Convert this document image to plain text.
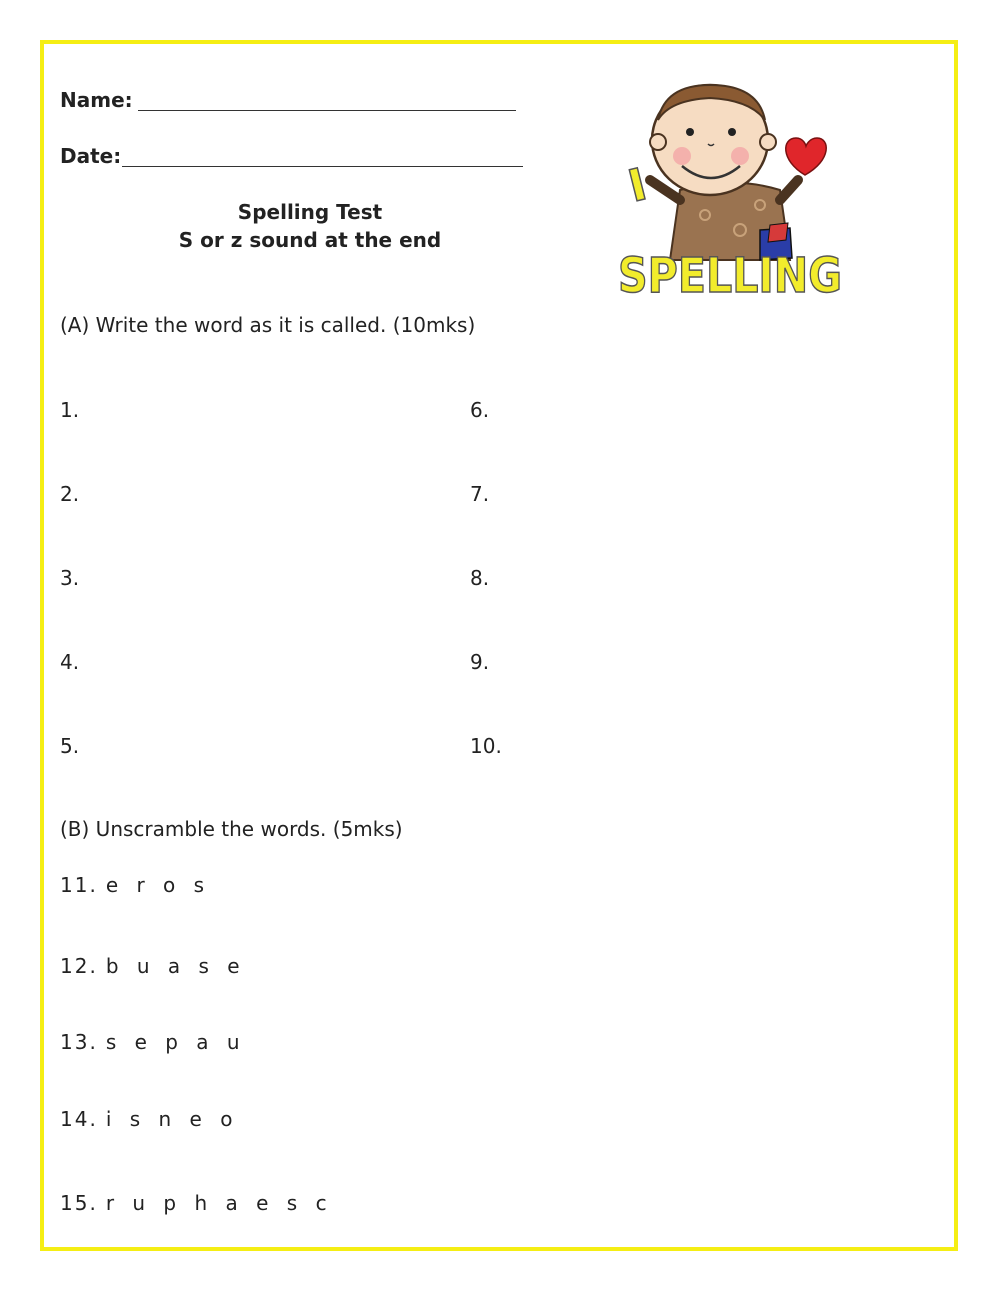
Name:
Date:
Spelling Test
S or z sound at the end
I
SPELLING
(A) Write the word as it is called. (10mks)
1.
2.
3.
4.
5.
6.
7.
8.
9.
10.
(B) Unscramble the words. (5mks)
11. e r o s
12. b u a s e
13. s e p a u
14. i s n e o
15. r u p h a e s c
